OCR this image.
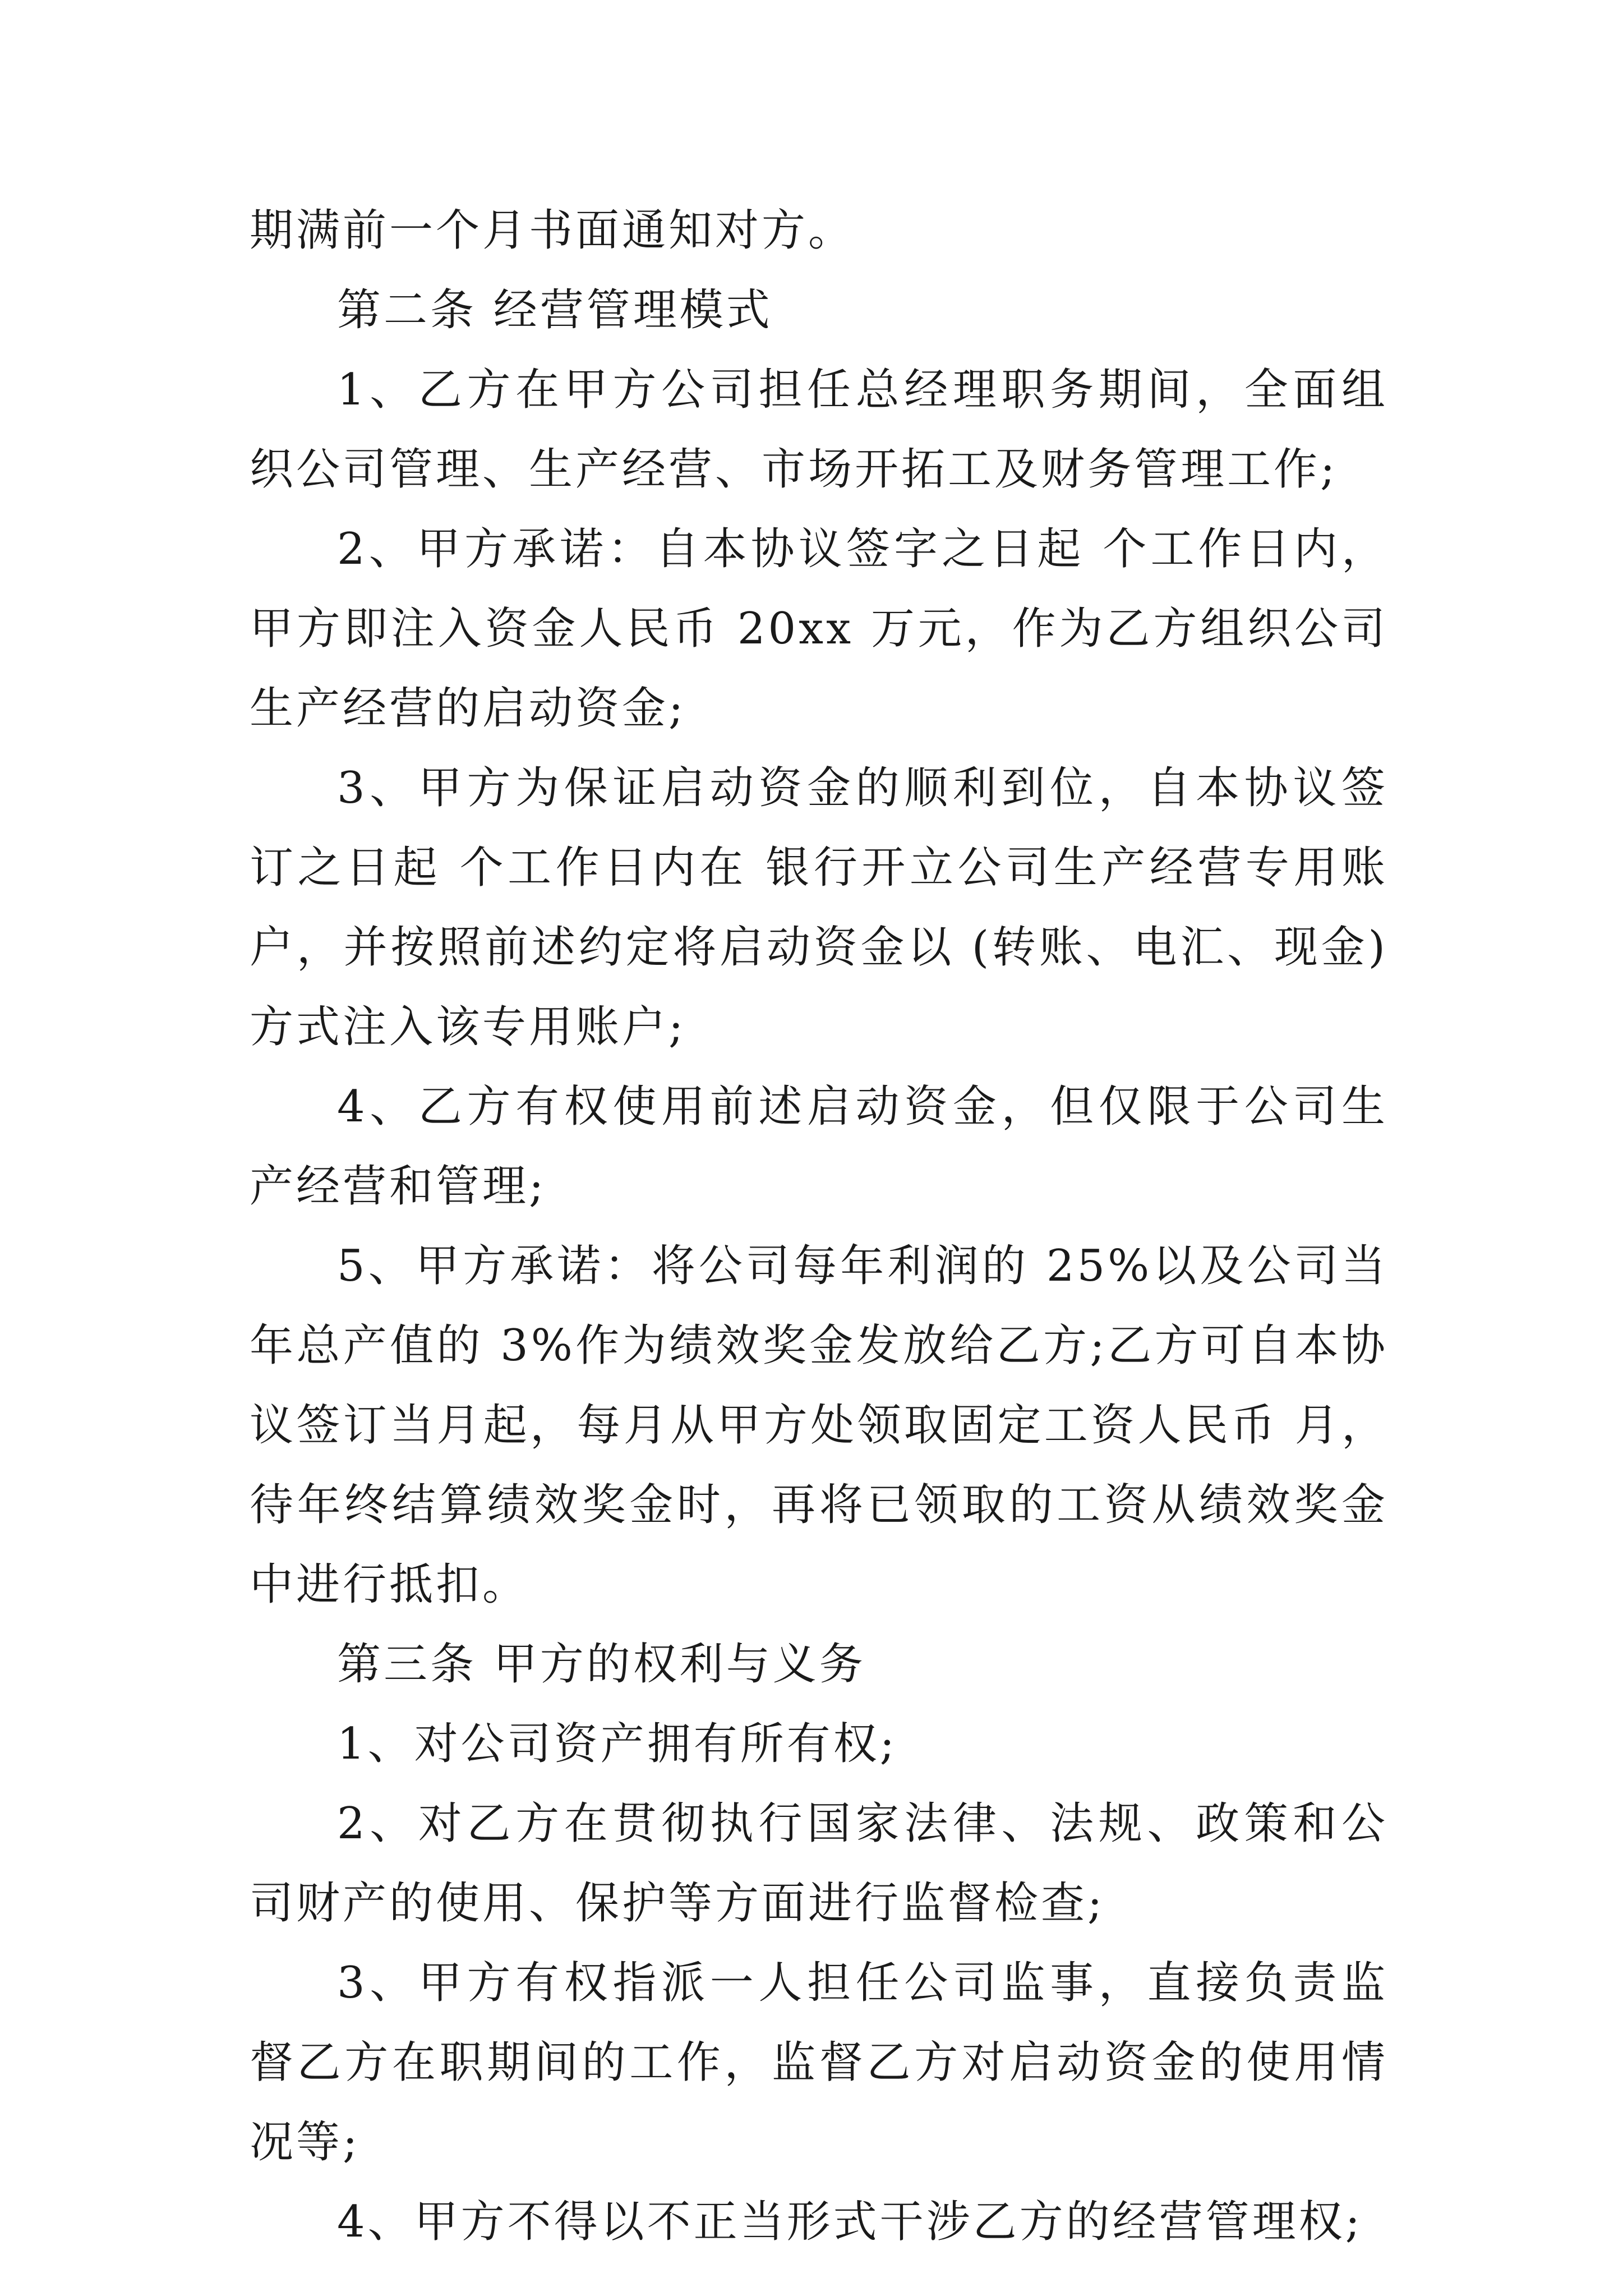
期满前一个月书面通知对方。

第二条 经营管理模式

1、乙方在甲方公司担任总经理职务期间，全面组织公司管理、生产经营、市场开拓工及财务管理工作;

2、甲方承诺：自本协议签字之日起 个工作日内，甲方即注入资金人民币 20xx 万元，作为乙方组织公司生产经营的启动资金;

3、甲方为保证启动资金的顺利到位，自本协议签订之日起 个工作日内在 银行开立公司生产经营专用账户，并按照前述约定将启动资金以 (转账、电汇、现金)方式注入该专用账户;

4、乙方有权使用前述启动资金，但仅限于公司生产经营和管理;

5、甲方承诺：将公司每年利润的 25%以及公司当年总产值的 3%作为绩效奖金发放给乙方;乙方可自本协议签订当月起，每月从甲方处领取固定工资人民币 月，待年终结算绩效奖金时，再将已领取的工资从绩效奖金中进行抵扣。

第三条 甲方的权利与义务

1、对公司资产拥有所有权;

2、对乙方在贯彻执行国家法律、法规、政策和公司财产的使用、保护等方面进行监督检查;

3、甲方有权指派一人担任公司监事，直接负责监督乙方在职期间的工作，监督乙方对启动资金的使用情况等;

4、甲方不得以不正当形式干涉乙方的经营管理权;
